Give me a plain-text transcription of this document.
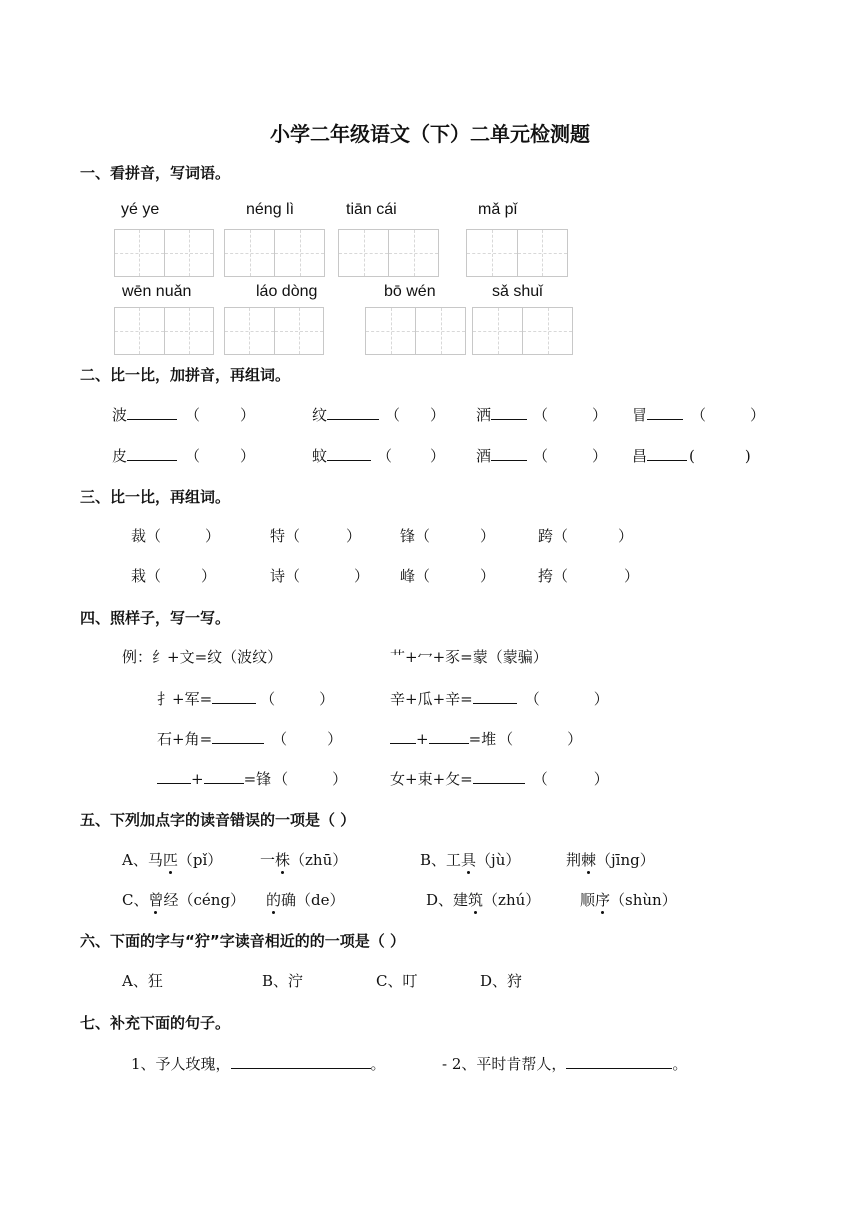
小学二年级语文（下）二单元检测题
一、看拼音，写词语。
yé ye	néng lì	tiān cái	mǎ pǐ
wēn nuǎn	láo dòng	bō wén	sǎ shuǐ
二、比一比，加拼音，再组词。
波	（	）	纹	（ ） 洒	（	） 冒	（	）
皮	（	）	蚊	（	） 酒	（	） 昌	(	)
三、比一比，再组词。
裁（	）	特（	）	锋（	）	跨（	）
栽（	）	诗（	） 峰（	）	挎（	）
四、照样子，写一写。
例：纟+文=纹（波纹）	艹+冖+豕=蒙（蒙骗）
扌+军=	（	）	辛+瓜+辛=	（	）
石+角=	（	）	+	=堆 （	）
+	=锋 （	）	女+束+攵=	（	）
五、下列加点字的读音错误的一项是（ ）
A、马匹（pǐ）	一株（zhū）	B、工具（jù）	荆棘（jīng）
C、曾经（céng） 的确（de）	D、建筑（zhú）	顺序（shùn）
六、下面的字与“狞”字读音相近的的一项是（ ）
A、狂	B、泞	C、叮	D、狩
七、补充下面的句子。
1、予人玫瑰，	。	- 2、平时肯帮人，	。
